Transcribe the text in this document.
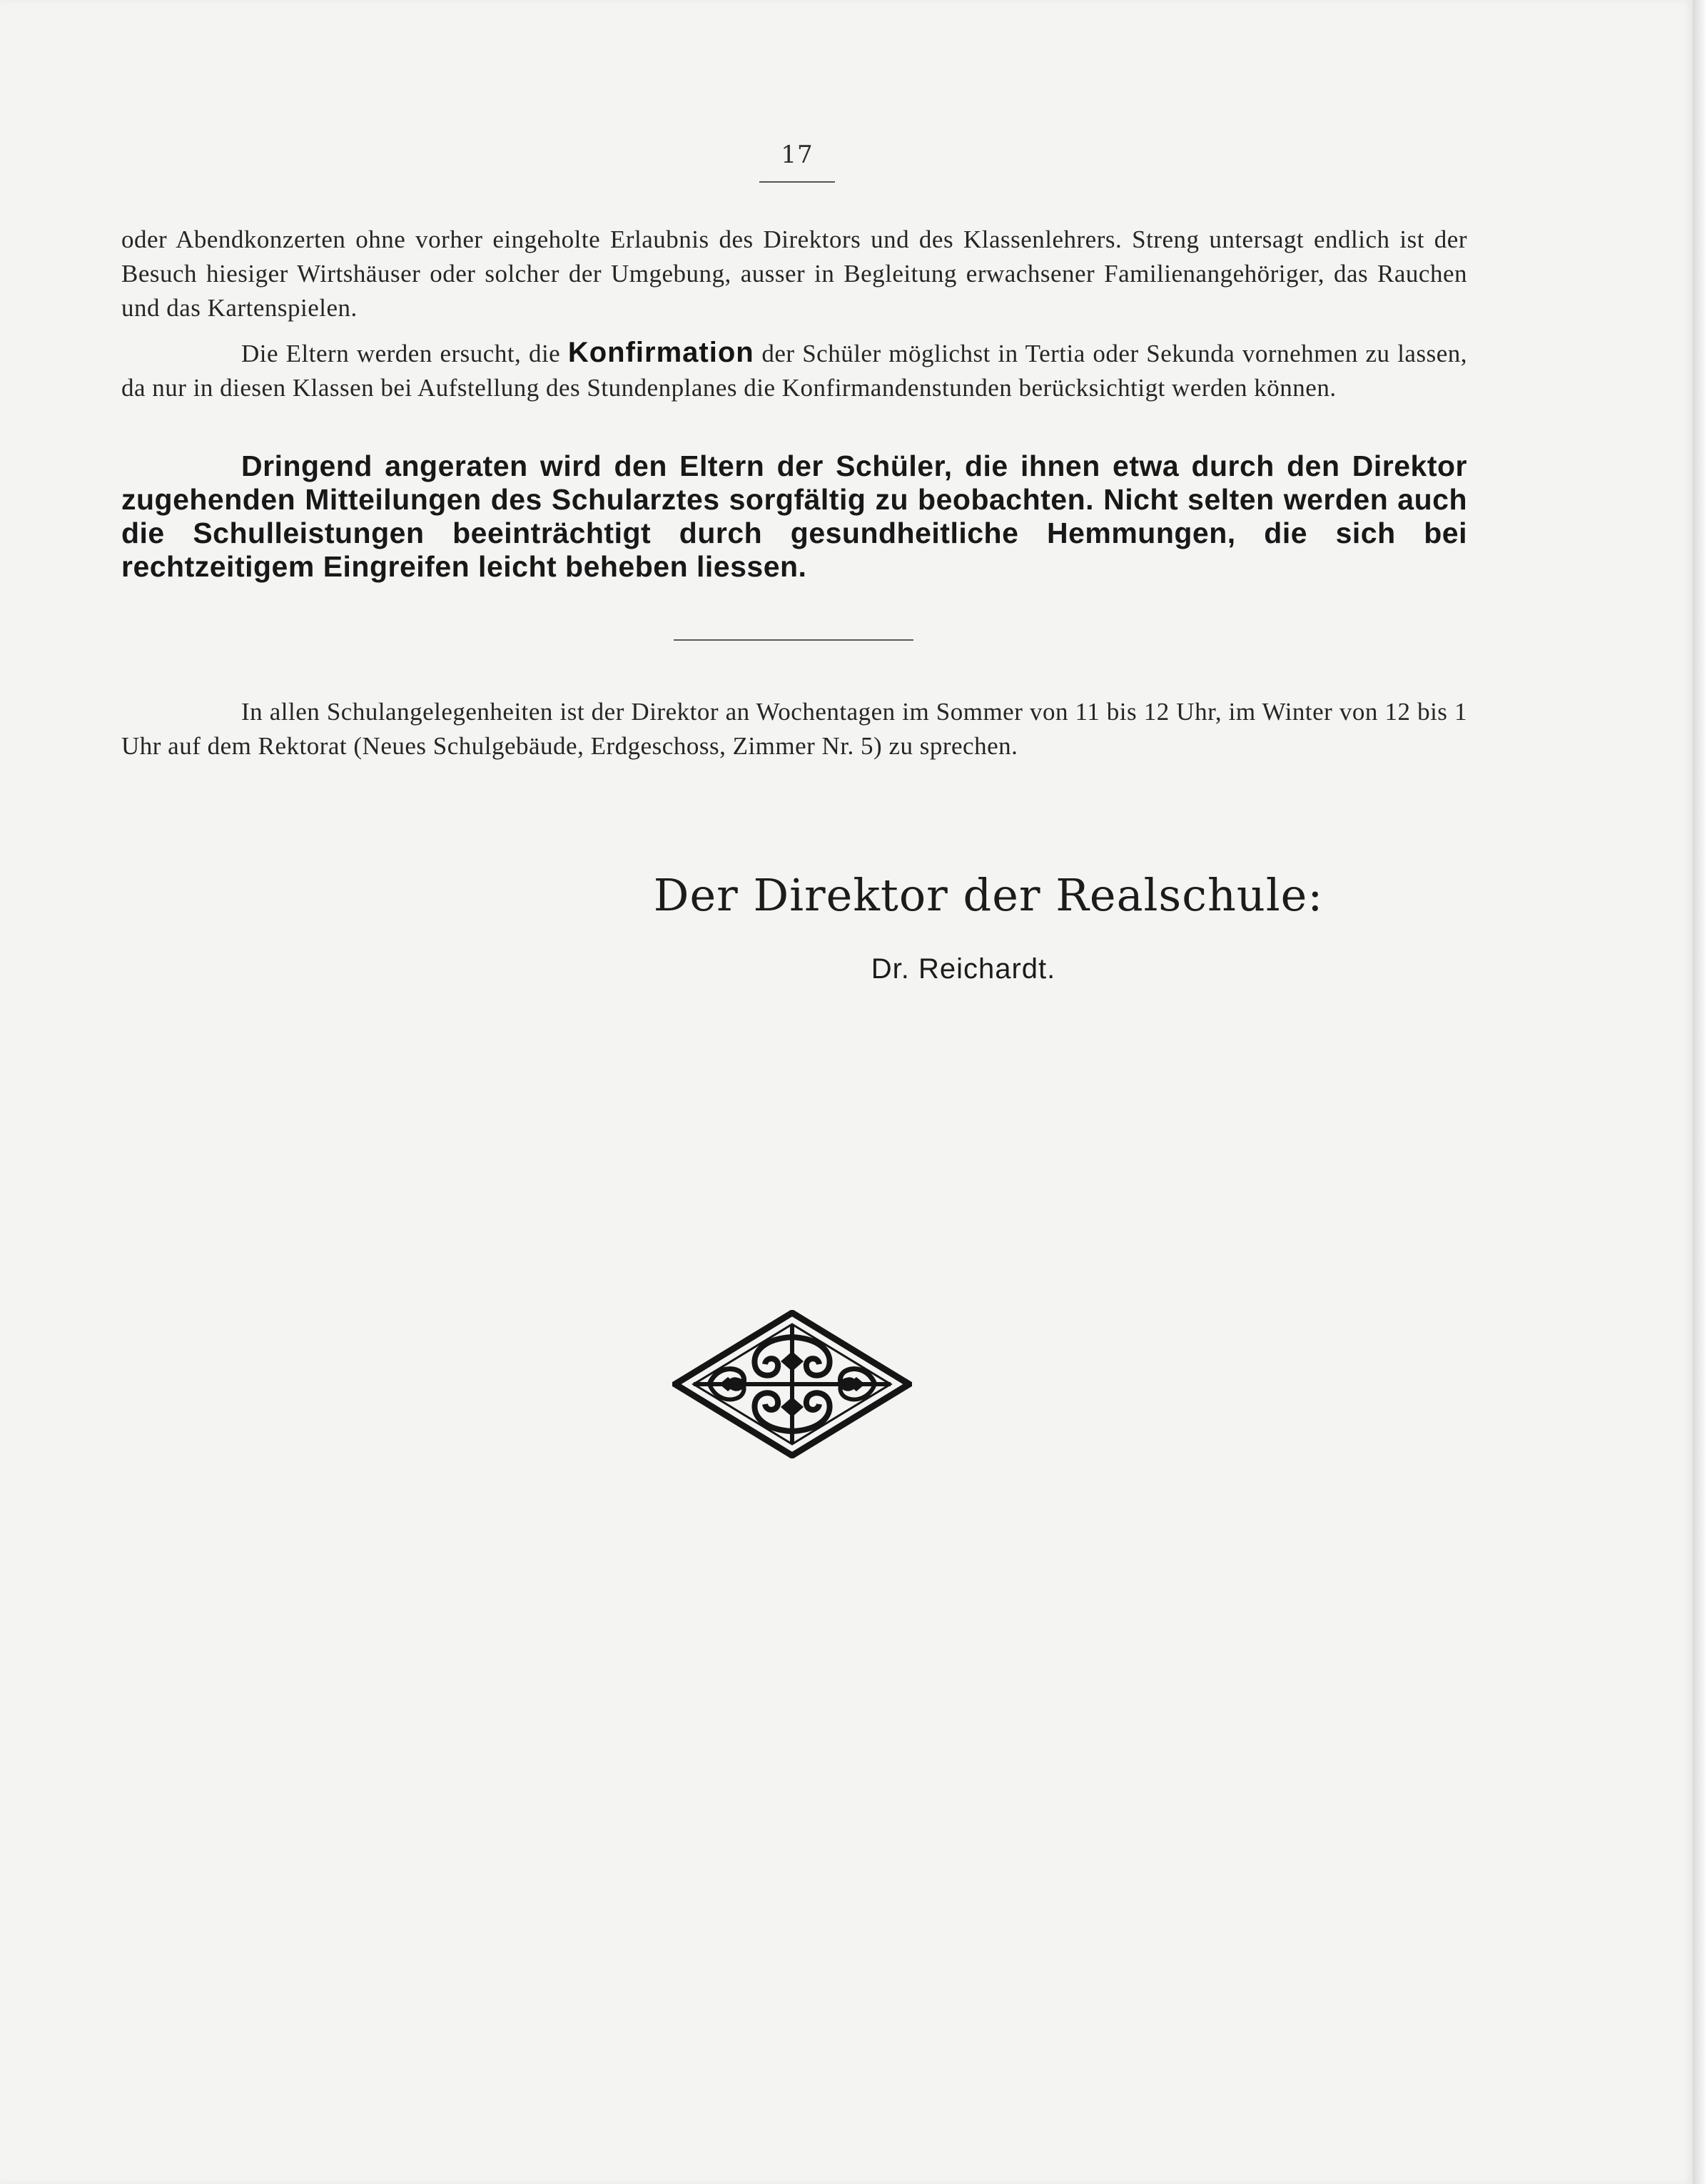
17

oder Abendkonzerten ohne vorher eingeholte Erlaubnis des Direktors und des Klassenlehrers. Streng untersagt endlich ist der Besuch hiesiger Wirtshäuser oder solcher der Umgebung, ausser in Begleitung erwachsener Familienangehöriger, das Rauchen und das Kartenspielen.

Die Eltern werden ersucht, die Konfirmation der Schüler möglichst in Tertia oder Sekunda vornehmen zu lassen, da nur in diesen Klassen bei Aufstellung des Stundenplanes die Konfirmandenstunden berücksichtigt werden können.

Dringend angeraten wird den Eltern der Schüler, die ihnen etwa durch den Direktor zugehenden Mitteilungen des Schularztes sorgfältig zu beobachten. Nicht selten werden auch die Schulleistungen beeinträchtigt durch gesundheitliche Hemmungen, die sich bei rechtzeitigem Eingreifen leicht beheben liessen.

In allen Schulangelegenheiten ist der Direktor an Wochentagen im Sommer von 11 bis 12 Uhr, im Winter von 12 bis 1 Uhr auf dem Rektorat (Neues Schulgebäude, Erdgeschoss, Zimmer Nr. 5) zu sprechen.

Der Direktor der Realschule:
Dr. Reichardt.
